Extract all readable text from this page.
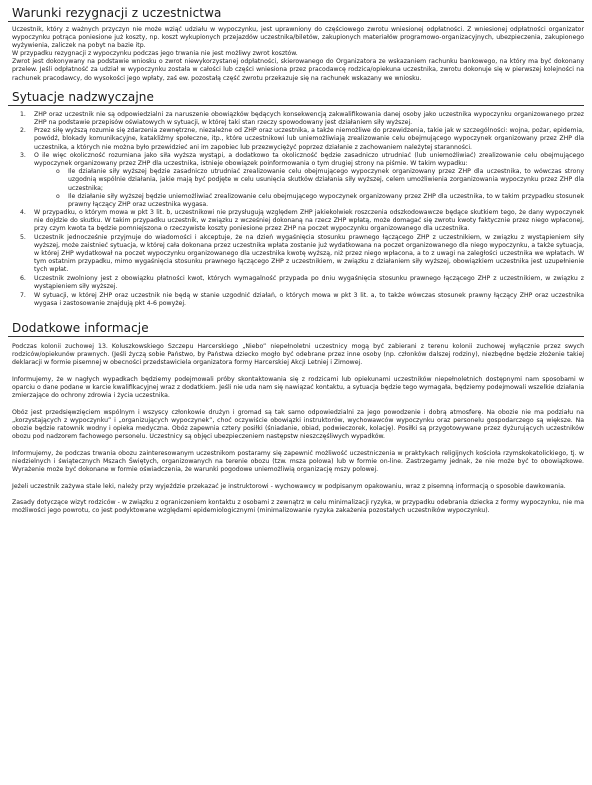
Warunki rezygnacji z uczestnictwa

Uczestnik, który z ważnych przyczyn nie może wziąć udziału w wypoczynku, jest uprawniony do częściowego zwrotu wniesionej odpłatności. Z wniesionej odpłatności organizator wypoczynku potrąca poniesione już koszty, np. koszt wykupionych przejazdów uczestnika/biletów, zakupionych materiałów programowo-organizacyjnych, ubezpieczenia, zakupionego wyżywienia, zaliczek na pobyt na bazie itp.

W przypadku rezygnacji z wypoczynku podczas jego trwania nie jest możliwy zwrot kosztów.

Zwrot jest dokonywany na podstawie wniosku o zwrot niewykorzystanej odpłatności, skierowanego do Organizatora ze wskazaniem rachunku bankowego, na który ma być dokonany przelew. Jeśli odpłatność za udział w wypoczynku została w całości lub części wniesiona przez pracodawcę rodzica/opiekuna uczestnika, zwrotu dokonuje się w pierwszej kolejności na rachunek pracodawcy, do wysokości jego wpłaty, zaś ew. pozostałą część zwrotu przekazuje się na rachunek wskazany we wniosku.

Sytuacje nadzwyczajne
1. ZHP oraz uczestnik nie są odpowiedzialni za naruszenie obowiązków będących konsekwencją zakwalifikowania danej osoby jako uczestnika wypoczynku organizowanego przez ZHP na podstawie przepisów oświatowych w sytuacji, w której taki stan rzeczy spowodowany jest działaniem siły wyższej.
2. Przez siłę wyższą rozumie się zdarzenia zewnętrzne, niezależne od ZHP oraz uczestnika, a także niemożliwe do przewidzenia, takie jak w szczególności: wojna, pożar, epidemia, powódź, blokady komunikacyjne, katakliźmy społeczne, itp., które uczestnikowi lub uniemożliwiają zrealizowanie celu obejmującego wypoczynek organizowany przez ZHP dla uczestnika, a których nie można było przewidzieć ani im zapobiec lub przezwyciężyć poprzez działanie z zachowaniem należytej staranności.
3. O ile więc okoliczność rozumiana jako siła wyższa wystąpi, a dodatkowo ta okoliczność będzie zasadniczo utrudniać (lub uniemożliwiać) zrealizowanie celu obejmującego wypoczynek organizowany przez ZHP dla uczestnika, istnieje obowiązek poinformowania o tym drugiej strony na piśmie. W takim wypadku:
o Ile działanie siły wyższej będzie zasadniczo utrudniać zrealizowanie celu obejmującego wypoczynek organizowany przez ZHP dla uczestnika, to wówczas strony uzgodnią wspólnie działania, jakie mają być podjęte w celu usunięcia skutków działania siły wyższej, celem umożliwienia zorganizowania wypoczynku przez ZHP dla uczestnika;
o Ile działanie siły wyższej będzie uniemożliwiać zrealizowanie celu obejmującego wypoczynek organizowany przez ZHP dla uczestnika, to w takim przypadku stosunek prawny łączący ZHP oraz uczestnika wygasa.
4. W przypadku, o którym mowa w pkt 3 lit. b, uczestnikowi nie przysługują względem ZHP jakiekolwiek roszczenia odszkodowawcze będące skutkiem tego, że dany wypoczynek nie dojdzie do skutku. W takim przypadku uczestnik, w związku z wcześniej dokonaną na rzecz ZHP wpłatą, może domagać się zwrotu kwoty faktycznie przez niego wpłaconej, przy czym kwota ta będzie pomniejszona o rzeczywiste koszty poniesione przez ZHP na poczet wypoczynku organizowanego dla uczestnika.
5. Uczestnik jednocześnie przyjmuje do wiadomości i akceptuje, że na dzień wygaśnięcia stosunku prawnego łączącego ZHP z uczestnikiem, w związku z wystąpieniem siły wyższej, może zaistnieć sytuacja, w której cała dokonana przez uczestnika wpłata zostanie już wydatkowana na poczet organizowanego dla niego wypoczynku, a także sytuacja, w której ZHP wydatkował na poczet wypoczynku organizowanego dla uczestnika kwotę wyższą, niż przez niego wpłacona, a to z uwagi na zaległości uczestnika we wpłatach. W tym ostatnim przypadku, mimo wygaśnięcia stosunku prawnego łączącego ZHP z uczestnikiem, w związku z działaniem siły wyższej, obowiązkiem uczestnika jest uzupełnienie tych wpłat.
6. Uczestnik zwolniony jest z obowiązku płatności kwot, których wymagalność przypada po dniu wygaśnięcia stosunku prawnego łączącego ZHP z uczestnikiem, w związku z wystąpieniem siły wyższej.
7. W sytuacji, w której ZHP oraz uczestnik nie będą w stanie uzgodnić działań, o których mowa w pkt 3 lit. a, to także wówczas stosunek prawny łączący ZHP oraz uczestnika wygasa i zastosowanie znajdują pkt 4-6 powyżej.
Dodatkowe informacje

Podczas kolonii zuchowej 13. Koluszkowskiego Szczepu Harcerskiego „Niebo” niepełnoletni uczestnicy mogą być zabierani z terenu kolonii zuchowej wyłącznie przez swych rodziców/opiekunów prawnych. (Jeśli życzą sobie Państwo, by Państwa dziecko mogło być odebrane przez inne osoby (np. członków dalszej rodziny), niezbędne będzie złożenie takiej deklaracji w formie pisemnej w obecności przedstawiciela organizatora formy Harcerskiej Akcji Letniej i Zimowej.

Informujemy, że w nagłych wypadkach będziemy podejmowali próby skontaktowania się z rodzicami lub opiekunami uczestników niepełnoletnich dostępnymi nam sposobami w oparciu o dane podane w karcie kwalifikacyjnej wraz z dodatkiem. Jeśli nie uda nam się nawiązać kontaktu, a sytuacja będzie tego wymagała, będziemy podejmowali wszelkie działania zmierzające do ochrony zdrowia i życia uczestnika.

Obóz jest przedsięwzięciem wspólnym i wszyscy członkowie drużyn i gromad są tak samo odpowiedzialni za jego powodzenie i dobrą atmosferę. Na obozie nie ma podziału na „korzystających z wypoczynku” i „organizujących wypoczynek”, choć oczywiście obowiązki instruktorów, wychowawców wypoczynku oraz personelu gospodarczego są większe. Na obozie będzie ratownik wodny i opieka medyczna. Obóz zapewnia cztery posiłki (śniadanie, obiad, podwieczorek, kolację). Posiłki są przygotowywane przez dyżurujących uczestników obozu pod nadzorem fachowego personelu. Uczestnicy są objęci ubezpieczeniem następstw nieszczęśliwych wypadków.

Informujemy, że podczas trwania obozu zainteresowanym uczestnikom postaramy się zapewnić możliwość uczestniczenia w praktykach religijnych kościoła rzymskokatolickiego, tj. w niedzielnych i świątecznych Mszach Świętych, organizowanych na terenie obozu (tzw. msza polowa) lub w formie on-line. Zastrzegamy jednak, że nie może być to obowiązkowe. Wyrażenie może być dokonane w formie oświadczenia, że warunki pogodowe uniemożliwią organizację mszy polowej.

Jeżeli uczestnik zażywa stale leki, należy przy wyjeździe przekazać je instruktorowi - wychowawcy w podpisanym opakowaniu, wraz z pisemną informacją o sposobie dawkowania.

Zasady dotyczące wizyt rodziców - w związku z ograniczeniem kontaktu z osobami z zewnątrz w celu minimalizacji ryzyka, w przypadku odebrania dziecka z formy wypoczynku, nie ma możliwości jego powrotu, co jest podyktowane względami epidemiologicznymi (minimalizowanie ryzyka zakażenia pozostałych uczestników wypoczynku).
